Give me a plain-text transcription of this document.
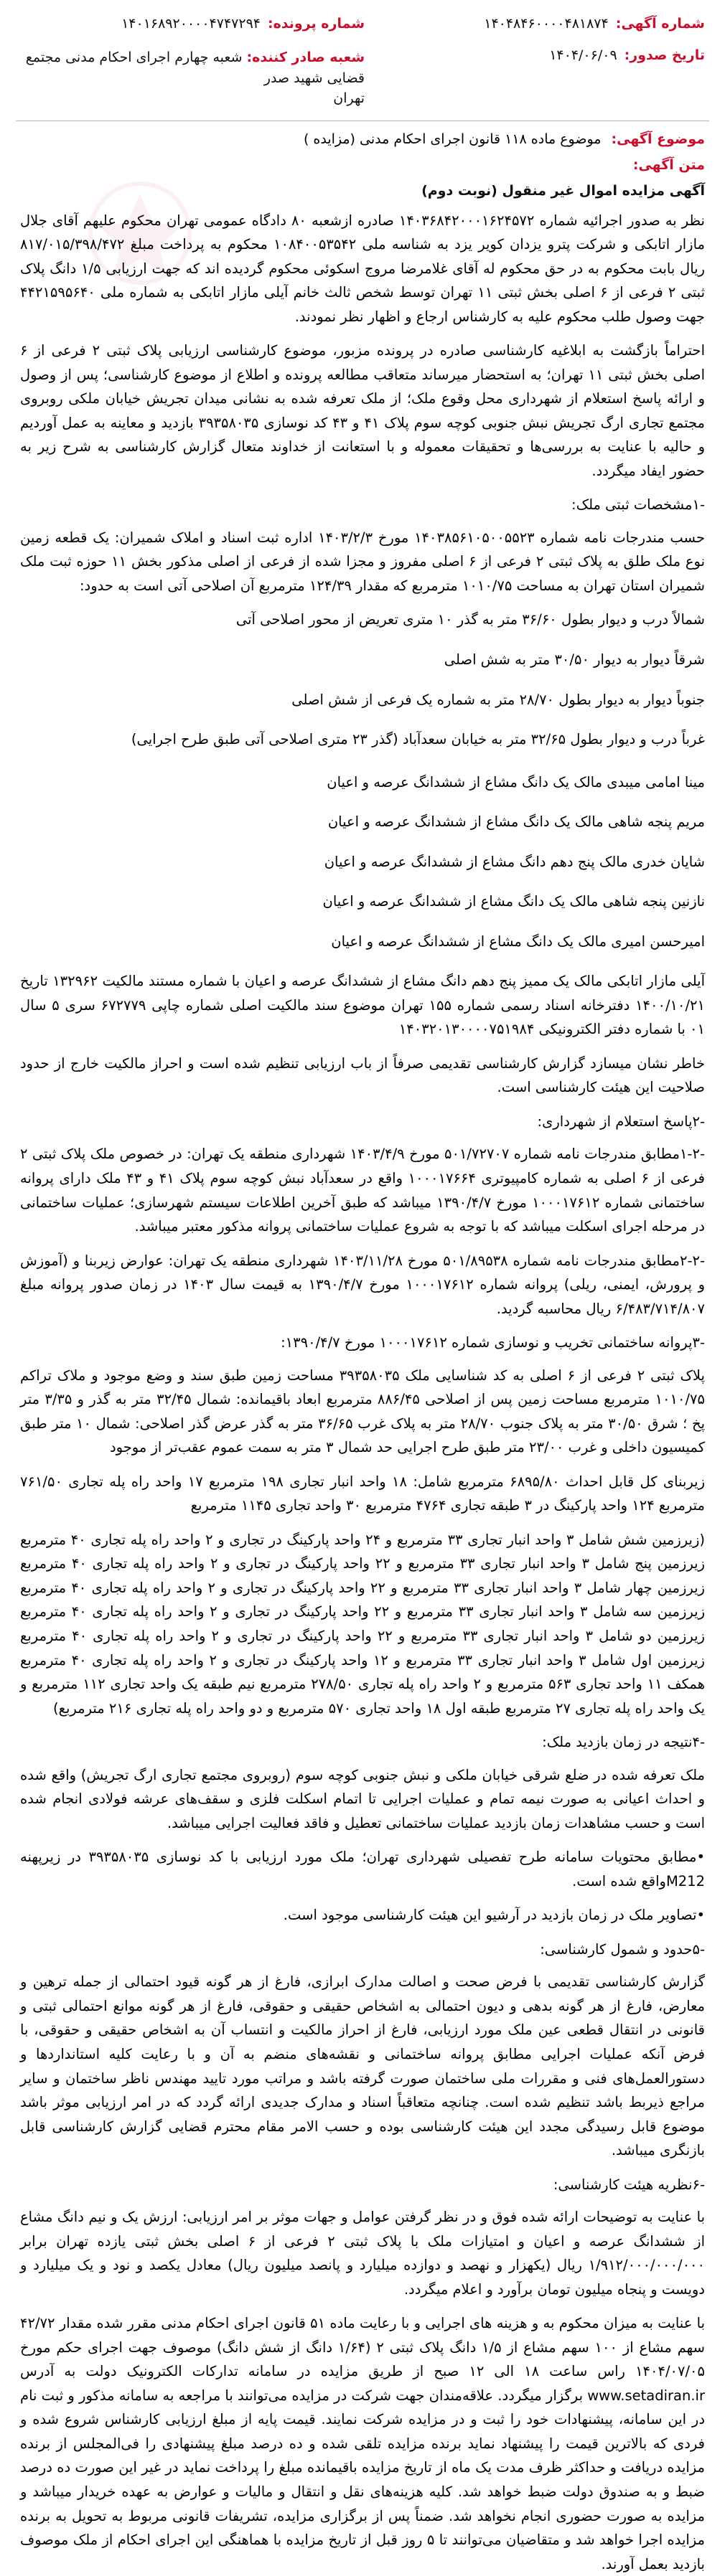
شماره آگهی:
۱۴۰۴۸۴۶۰۰۰۰۴۸۱۸۷۴
تاریخ صدور:
۱۴۰۴/۰۶/۰۹
شماره پرونده:
۱۴۰۱۶۸۹۲۰۰۰۰۴۷۴۷۲۹۴
شعبه صادر کننده: شعبه چهارم اجرای احکام مدنی مجتمع قضایی شهید صدر
تهران
موضوع آگهی: موضوع ماده ۱۱۸ قانون اجرای احکام مدنی (مزایده )
متن آگهی:
آگهی مزایده اموال غیر منقول (نوبت دوم)

نظر به صدور اجرائیه شماره ۱۴۰۳۶۸۴۲۰۰۰۱۶۲۴۵۷۲ صادره ازشعبه ۸۰ دادگاه عمومی تهران محکوم علیهم آقای جلال مازار اتابکی و شرکت پترو یزدان کویر یزد به شناسه ملی ۱۰۸۴۰۰۵۳۵۴۲ محکوم به پرداخت مبلغ ۸۱۷/۰۱۵/۳۹۸/۴۷۲ ریال بابت محکوم به در حق محکوم له آقای غلامرضا مروج اسکوئی محکوم گردیده اند که جهت ارزیابی ۱/۵ دانگ پلاک ثبتی ۲ فرعی از ۶ اصلی بخش ثبتی ۱۱ تهران توسط شخص ثالث خانم آیلی مازار اتابکی به شماره ملی ۴۴۲۱۵۹۵۶۴۰ جهت وصول طلب محکوم علیه به کارشناس ارجاع و اظهار نظر نمودند.

احتراماً بازگشت به ابلاغیه کارشناسی صادره در پرونده مزبور، موضوع کارشناسی ارزیابی پلاک ثبتی ۲ فرعی از ۶ اصلی بخش ثبتی ۱۱ تهران؛ به استحضار میرساند متعاقب مطالعه پرونده و اطلاع از موضوع کارشناسی؛ پس از وصول و ارائه پاسخ استعلام از شهرداری محل وقوع ملک؛ از ملک تعرفه شده به نشانی میدان تجریش خیابان ملکی روبروی مجتمع تجاری ارگ تجریش نبش جنوبی کوچه سوم پلاک ۴۱ و ۴۳ کد نوسازی ۳۹۳۵۸۰۳۵ بازدید و معاینه به عمل آوردیم و حالیه با عنایت به بررسی‌ها و تحقیقات معموله و با استعانت از خداوند متعال گزارش کارشناسی به شرح زیر به حضور ایفاد میگردد.

-۱مشخصات ثبتی ملک:

حسب مندرجات نامه شماره ۱۴۰۳۸۵۶۱۰۵۰۰۵۵۲۳ مورخ ۱۴۰۳/۲/۳ اداره ثبت اسناد و املاک شمیران: یک قطعه زمین نوع ملک طلق به پلاک ثبتی ۲ فرعی از ۶ اصلی مفروز و مجزا شده از فرعی از اصلی مذکور بخش ۱۱ حوزه ثبت ملک شمیران استان تهران به مساحت ۱۰۱۰/۷۵ مترمربع که مقدار ۱۲۴/۳۹ مترمربع آن اصلاحی آتی است به حدود:

شمالاً درب و دیوار بطول ۳۶/۶۰ متر به گذر ۱۰ متری تعریض از محور اصلاحی آتی
شرقاً دیوار به دیوار ۳۰/۵۰ متر به شش اصلی
جنوباً دیوار به دیوار بطول ۲۸/۷۰ متر به شماره یک فرعی از شش اصلی
غرباً درب و دیوار بطول ۳۲/۶۵ متر به خیابان سعدآباد (گذر ۲۳ متری اصلاحی آتی طبق طرح اجرایی)
مینا امامی میبدی مالک یک دانگ مشاع از ششدانگ عرصه و اعیان
مریم پنجه شاهی مالک یک دانگ مشاع از ششدانگ عرصه و اعیان
شایان خدری مالک پنج دهم دانگ مشاع از ششدانگ عرصه و اعیان
نازنین پنجه شاهی مالک یک دانگ مشاع از ششدانگ عرصه و اعیان
امیرحسن امیری مالک یک دانگ مشاع از ششدانگ عرصه و اعیان

آیلی مازار اتابکی مالک یک ممیز پنج دهم دانگ مشاع از ششدانگ عرصه و اعیان با شماره مستند مالکیت ۱۳۲۹۶۲ تاریخ ۱۴۰۰/۱۰/۲۱ دفترخانه اسناد رسمی شماره ۱۵۵ تهران موضوع سند مالکیت اصلی شماره چاپی ۶۷۲۷۷۹ سری ۵ سال ۰۱ با شماره دفتر الکترونیکی ۱۴۰۳۲۰۱۳۰۰۰۰۷۵۱۹۸۴

خاطر نشان میسازد گزارش کارشناسی تقدیمی صرفاً از باب ارزیابی تنظیم شده است و احراز مالکیت خارج از حدود صلاحیت این هیئت کارشناسی است.

-۲پاسخ استعلام از شهرداری:

-۱-۲مطابق مندرجات نامه شماره ۵۰۱/۷۲۷۰۷ مورخ ۱۴۰۳/۴/۹ شهرداری منطقه یک تهران: در خصوص ملک پلاک ثبتی ۲ فرعی از ۶ اصلی به شماره کامپیوتری ۱۰۰۰۱۷۶۶۴ واقع در سعدآباد نبش کوچه سوم پلاک ۴۱ و ۴۳ ملک دارای پروانه ساختمانی شماره ۱۰۰۰۱۷۶۱۲ مورخ ۱۳۹۰/۴/۷ میباشد که طبق آخرین اطلاعات سیستم شهرسازی؛ عملیات ساختمانی در مرحله اجرای اسکلت میباشد که با توجه به شروع عملیات ساختمانی پروانه مذکور معتبر میباشد.

-۲-۲مطابق مندرجات نامه شماره ۵۰۱/۸۹۵۳۸ مورخ ۱۴۰۳/۱۱/۲۸ شهرداری منطقه یک تهران: عوارض زیربنا و (آموزش و پرورش، ایمنی، ریلی) پروانه شماره ۱۰۰۰۱۷۶۱۲ مورخ ۱۳۹۰/۴/۷ به قیمت سال ۱۴۰۳ در زمان صدور پروانه مبلغ ۶/۴۸۳/۷۱۴/۸۰۷ ریال محاسبه گردید.

-۳پروانه ساختمانی تخریب و نوسازی شماره ۱۰۰۰۱۷۶۱۲ مورخ ۱۳۹۰/۴/۷:

پلاک ثبتی ۲ فرعی از ۶ اصلی به کد شناسایی ملک ۳۹۳۵۸۰۳۵ مساحت زمین طبق سند و وضع موجود و ملاک تراکم ۱۰۱۰/۷۵ مترمربع مساحت زمین پس از اصلاحی ۸۸۶/۴۵ مترمربع ابعاد باقیمانده: شمال ۳۲/۴۵ متر به گذر و ۳/۳۵ متر پخ ؛ شرق ۳۰/۵۰ متر به پلاک جنوب ۲۸/۷۰ متر به پلاک غرب ۳۶/۶۵ متر به گذر عرض گذر اصلاحی: شمال ۱۰ متر طبق کمیسیون داخلی و غرب ۲۳/۰۰ متر طبق طرح اجرایی حد شمال ۳ متر به سمت عموم عقب‌تر از موجود

زیربنای کل قابل احداث ۶۸۹۵/۸۰ مترمربع شامل: ۱۸ واحد انبار تجاری ۱۹۸ مترمربع ۱۷ واحد راه پله تجاری ۷۶۱/۵۰ مترمربع ۱۲۴ واحد پارکینگ در ۳ طبقه تجاری ۴۷۶۴ مترمربع ۳۰ واحد تجاری ۱۱۴۵ مترمربع

(زیرزمین شش شامل ۳ واحد انبار تجاری ۳۳ مترمربع و ۲۴ واحد پارکینگ در تجاری و ۲ واحد راه پله تجاری ۴۰ مترمربع زیرزمین پنج شامل ۳ واحد انبار تجاری ۳۳ مترمربع و ۲۲ واحد پارکینگ در تجاری و ۲ واحد راه پله تجاری ۴۰ مترمربع زیرزمین چهار شامل ۳ واحد انبار تجاری ۳۳ مترمربع و ۲۲ واحد پارکینگ در تجاری و ۲ واحد راه پله تجاری ۴۰ مترمربع زیرزمین سه شامل ۳ واحد انبار تجاری ۳۳ مترمربع و ۲۲ واحد پارکینگ در تجاری و ۲ واحد راه پله تجاری ۴۰ مترمربع زیرزمین دو شامل ۳ واحد انبار تجاری ۳۳ مترمربع و ۲۲ واحد پارکینگ در تجاری و ۲ واحد راه پله تجاری ۴۰ مترمربع زیرزمین اول شامل ۳ واحد انبار تجاری ۳۳ مترمربع و ۱۲ واحد پارکینگ در تجاری و ۲ واحد راه پله تجاری ۴۰ مترمربع همکف ۱۱ واحد تجاری ۵۶۳ مترمربع و ۲ واحد راه پله تجاری ۲۷۸/۵۰ مترمربع نیم طبقه یک واحد تجاری ۱۱۲ مترمربع و یک واحد راه پله تجاری ۲۷ مترمربع طبقه اول ۱۸ واحد تجاری ۵۷۰ مترمربع و دو واحد راه پله تجاری ۲۱۶ مترمربع)

-۴نتیجه در زمان بازدید ملک:

ملک تعرفه شده در ضلع شرقی خیابان ملکی و نبش جنوبی کوچه سوم (روبروی مجتمع تجاری ارگ تجریش) واقع شده و احداث اعیانی به صورت نیمه تمام و عملیات اجرایی تا اتمام اسکلت فلزی و سقف‌های عرشه فولادی انجام شده است و حسب مشاهدات زمان بازدید عملیات ساختمانی تعطیل و فاقد فعالیت اجرایی میباشد.

•مطابق محتویات سامانه طرح تفصیلی شهرداری تهران؛ ملک مورد ارزیابی با کد نوسازی ۳۹۳۵۸۰۳۵ در زیرپهنه M212واقع شده است.

•تصاویر ملک در زمان بازدید در آرشیو این هیئت کارشناسی موجود است.

-۵حدود و شمول کارشناسی:

گزارش کارشناسی تقدیمی با فرض صحت و اصالت مدارک ابرازی، فارغ از هر گونه قیود احتمالی از جمله ترهین و معارض، فارغ از هر گونه بدهی و دیون احتمالی به اشخاص حقیقی و حقوقی، فارغ از هر گونه موانع احتمالی ثبتی و قانونی در انتقال قطعی عین ملک مورد ارزیابی، فارغ از احراز مالکیت و انتساب آن به اشخاص حقیقی و حقوقی، با فرض آنکه عملیات اجرایی مطابق پروانه ساختمانی و نقشه‌های منضم به آن و با رعایت کلیه استانداردها و دستورالعمل‌های فنی و مقررات ملی ساختمان صورت گرفته باشد و مراتب مورد تایید مهندس ناظر ساختمان و سایر مراجع ذیربط باشد تنظیم شده است. چنانچه متعاقباً اسناد و مدارک جدیدی ارائه گردد که در امر ارزیابی موثر باشد موضوع قابل رسیدگی مجدد این هیئت کارشناسی بوده و حسب الامر مقام محترم قضایی گزارش کارشناسی قابل بازنگری میباشد.

-۶نظریه هیئت کارشناسی:

با عنایت به توضیحات ارائه شده فوق و در نظر گرفتن عوامل و جهات موثر بر امر ارزیابی: ارزش یک و نیم دانگ مشاع از ششدانگ عرصه و اعیان و امتیازات ملک با پلاک ثبتی ۲ فرعی از ۶ اصلی بخش ثبتی یازده تهران برابر ۱/۹۱۲/۰۰۰/۰۰۰/۰۰۰ ریال (یکهزار و نهصد و دوازده میلیارد و پانصد میلیون ریال) معادل یکصد و نود و یک میلیارد و دویست و پنجاه میلیون تومان برآورد و اعلام میگردد.

با عنایت به میزان محکوم به و هزینه های اجرایی و با رعایت ماده ۵۱ قانون اجرای احکام مدنی مقرر شده مقدار ۴۲/۷۲ سهم مشاع از ۱۰۰ سهم مشاع از ۱/۵ دانگ پلاک ثبتی ۲ (۱/۶۴ دانگ از شش دانگ) موصوف جهت اجرای حکم مورخ ۱۴۰۴/۰۷/۰۵ راس ساعت ۱۸ الی ۱۲ صبح از طریق مزایده در سامانه تدارکات الکترونیک دولت به آدرس www.setadiran.ir برگزار میگردد. علاقه‌مندان جهت شرکت در مزایده می‌توانند با مراجعه به سامانه مذکور و ثبت نام در این سامانه، پیشنهادات خود را ثبت و در مزایده شرکت نمایند. قیمت پایه از مبلغ ارزیابی کارشناس شروع شده و فردی که بالاترین قیمت را پیشنهاد نماید برنده مزایده تلقی شده و ده درصد مبلغ پیشنهادی را فی‌المجلس از برنده مزایده دریافت و حداکثر ظرف مدت یک ماه از تاریخ مزایده باقیمانده مبلغ را پرداخت نماید در غیر این صورت ده درصد ضبط و به صندوق دولت ضبط خواهد شد. کلیه هزینه‌های نقل و انتقال و مالیات و عوارض به عهده خریدار میباشد و مزایده به صورت حضوری انجام نخواهد شد. ضمناً پس از برگزاری مزایده، تشریفات قانونی مربوط به تحویل به برنده مزایده اجرا خواهد شد و متقاضیان می‌توانند تا ۵ روز قبل از تاریخ مزایده با هماهنگی این اجرای احکام از ملک موصوف بازدید بعمل آورند.
